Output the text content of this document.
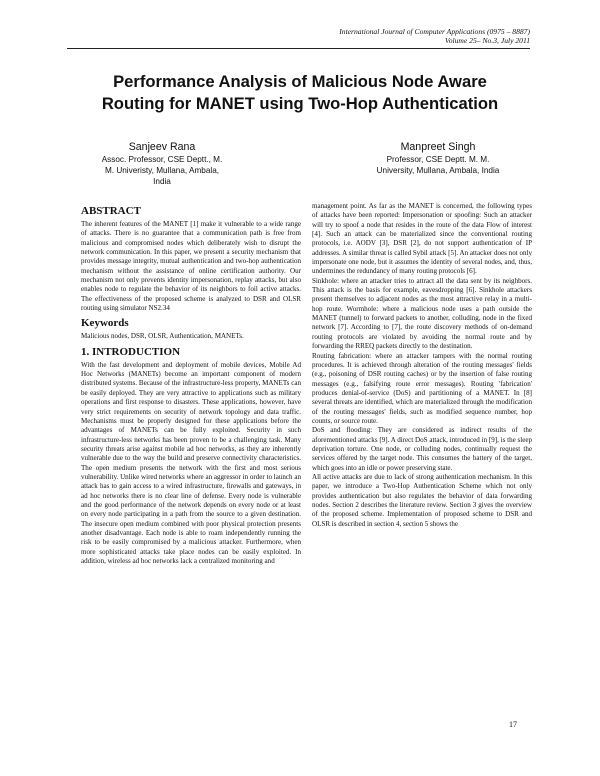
International Journal of Computer Applications (0975 – 8887)
Volume 25– No.3, July 2011
Performance Analysis of Malicious Node Aware
Routing for MANET using Two-Hop Authentication
Sanjeev Rana
Assoc. Professor, CSE Deptt., M.
M. Univeristy, Mullana, Ambala,
India
Manpreet Singh
Professor, CSE Deptt. M. M.
University, Mullana, Ambala, India
ABSTRACT

The inherent features of the MANET [1] make it vulnerable to a wide range of attacks. There is no guarantee that a communication path is free from malicious and compromised nodes which deliberately wish to disrupt the network communication. In this paper, we present a security mechanism that provides message integrity, mutual authentication and two-hop authentication mechanism without the assistance of online certification authority. Our mechanism not only prevents identity impersonation, replay attacks, but also enables node to regulate the behavior of its neighbors to foil active attacks. The effectiveness of the proposed scheme is analyzed to DSR and OLSR routing using simulator NS2.34

Keywords

Malicious nodes, DSR, OLSR, Authentication, MANETs.

1. INTRODUCTION

With the fast development and deployment of mobile devices, Mobile Ad Hoc Networks (MANETs) become an important component of modern distributed systems. Because of the infrastructure-less property, MANETs can be easily deployed. They are very attractive to applications such as military operations and first response to disasters. These applications, however, have very strict requirements on security of network topology and data traffic. Mechanisms must be properly designed for these applications before the advantages of MANETs can be fully exploited. Security in such infrastructure-less networks has been proven to be a challenging task. Many security threats arise against mobile ad hoc networks, as they are inherently vulnerable due to the way the build and preserve connectivity characteristics. The open medium presents the network with the first and most serious vulnerability. Unlike wired networks where an aggressor in order to launch an attack has to gain access to a wired infrastructure, firewalls and gateways, in ad hoc networks there is no clear line of defense. Every node is vulnerable and the good performance of the network depends on every node or at least on every node participating in a path from the source to a given destination. The insecure open medium combined with poor physical protection presents another disadvantage. Each node is able to roam independently running the risk to be easily compromised by a malicious attacker. Furthermore, when more sophisticated attacks take place nodes can be easily exploited. In addition, wireless ad hoc networks lack a centralized monitoring and

management point. As far as the MANET is concerned, the following types of attacks have been reported: Impersonation or spoofing: Such an attacker will try to spoof a node that resides in the route of the data Flow of interest [4]. Such an attack can be materialized since the conventional routing protocols, i.e. AODV [3], DSR [2], do not support authentication of IP addresses. A similar threat is called Sybil attack [5]. An attacker does not only impersonate one node, but it assumes the identity of several nodes, and, thus, undermines the redundancy of many routing protocols [6].

Sinkhole: where an attacker tries to attract all the data sent by its neighbors. This attack is the basis for example, eavesdropping [6]. Sinkhole attackers present themselves to adjacent nodes as the most attractive relay in a multi-hop route. Wormhole: where a malicious node uses a path outside the MANET (tunnel) to forward packets to another, colluding, node in the fixed network [7]. According to [7], the route discovery methods of on-demand routing protocols are violated by avoiding the normal route and by forwarding the RREQ packets directly to the destination.

Routing fabrication: where an attacker tampers with the normal routing procedures. It is achieved through alteration of the routing messages' fields (e.g., poisoning of DSR routing caches) or by the insertion of false routing messages (e.g., falsifying route error messages). Routing 'fabrication' produces denial-of-service (DoS) and partitioning of a MANET. In [8] several threats are identified, which are materialized through the modification of the routing messages' fields, such as modified sequence number, hop counts, or source route.

DoS and flooding: They are considered as indirect results of the aforementioned attacks [9]. A direct DoS attack, introduced in [9], is the sleep deprivation torture. One node, or colluding nodes, continually request the services offered by the target node. This consumes the battery of the target, which goes into an idle or power preserving state.

All active attacks are due to lack of strong authentication mechanism. In this paper, we introduce a Two-Hop Authentication Scheme which not only provides authentication but also regulates the behavior of data forwarding nodes. Section 2 describes the literature review. Section 3 gives the overview of the proposed scheme. Implementation of proposed scheme to DSR and OLSR is described in section 4, section 5 shows the

17
